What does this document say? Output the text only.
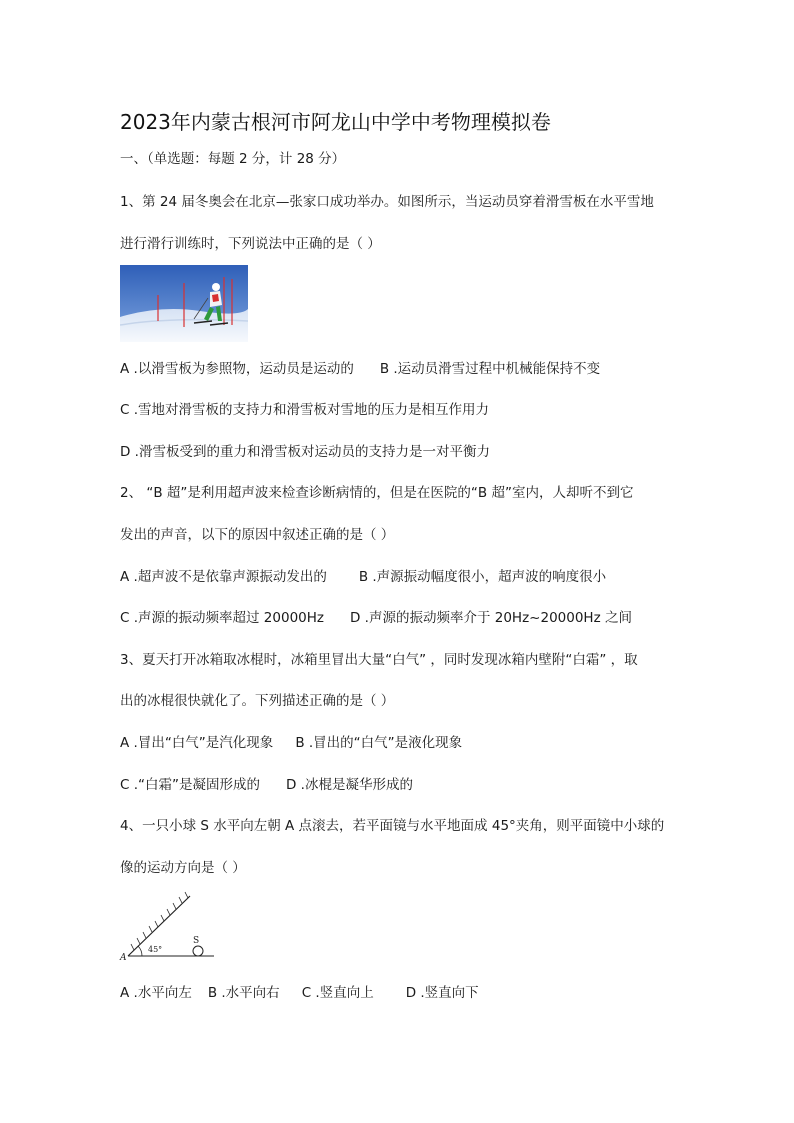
2023年内蒙古根河市阿龙山中学中考物理模拟卷
一、（单选题：每题 2 分，计 28 分）
1、第 24 届冬奥会在北京—张家口成功举办。如图所示，当运动员穿着滑雪板在水平雪地
进行滑行训练时，下列说法中正确的是（ ）
A .以滑雪板为参照物，运动员是运动的 B .运动员滑雪过程中机械能保持不变
C .雪地对滑雪板的支持力和滑雪板对雪地的压力是相互作用力
D .滑雪板受到的重力和滑雪板对运动员的支持力是一对平衡力
2、 “B 超”是利用超声波来检查诊断病情的，但是在医院的“B 超”室内，人却听不到它
发出的声音，以下的原因中叙述正确的是（ ）
A .超声波不是依靠声源振动发出的 B .声源振动幅度很小，超声波的响度很小
C .声源的振动频率超过 20000Hz D .声源的振动频率介于 20Hz~20000Hz 之间
3、夏天打开冰箱取冰棍时，冰箱里冒出大量“白气” ，同时发现冰箱内壁附“白霜” ，取
出的冰棍很快就化了。下列描述正确的是（ ）
A .冒出“白气”是汽化现象 B .冒出的“白气”是液化现象
C .“白霜”是凝固形成的 D .冰棍是凝华形成的
4、一只小球 S 水平向左朝 A 点滚去，若平面镜与水平地面成 45°夹角，则平面镜中小球的
像的运动方向是（ ）
A
45°
S
A .水平向左 B .水平向右 C .竖直向上 D .竖直向下
